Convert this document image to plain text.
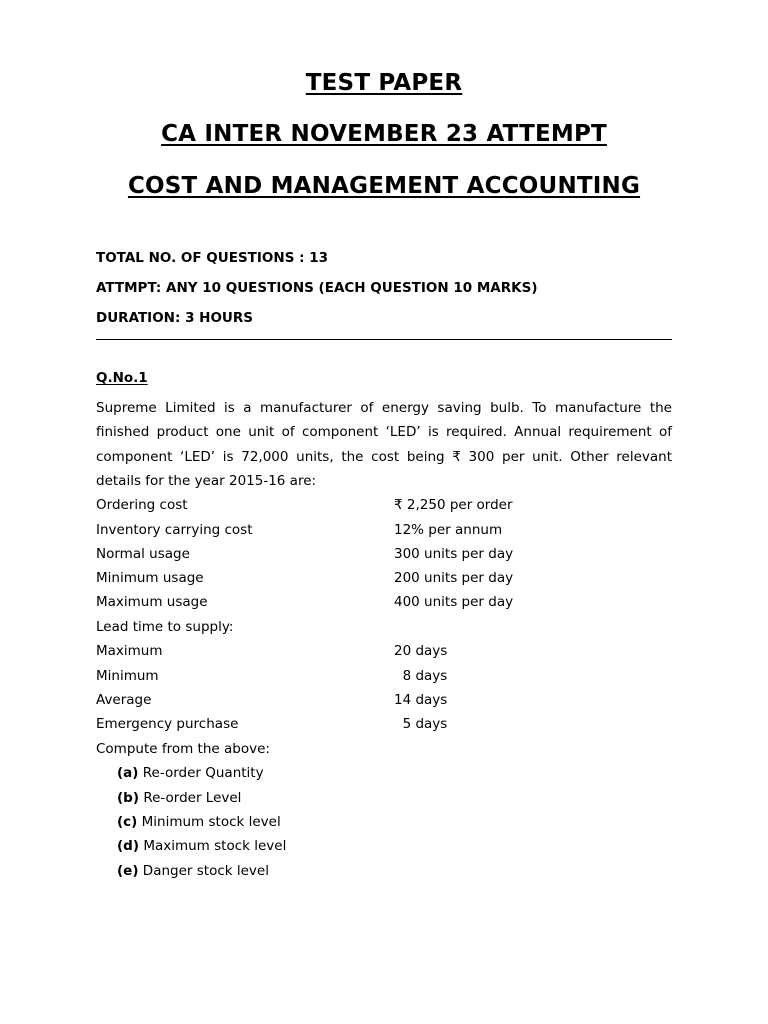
TEST PAPER
CA INTER NOVEMBER 23 ATTEMPT
COST AND MANAGEMENT ACCOUNTING
TOTAL NO. OF QUESTIONS : 13
ATTMPT: ANY 10 QUESTIONS (EACH QUESTION 10 MARKS)
DURATION: 3 HOURS
Q.No.1
Supreme Limited is a manufacturer of energy saving bulb. To manufacture the finished product one unit of component ‘LED’ is required. Annual requirement of component ‘LED’ is 72,000 units, the cost being ₹ 300 per unit. Other relevant details for the year 2015-16 are:
Ordering cost	₹ 2,250 per order
Inventory carrying cost	12% per annum
Normal usage	300 units per day
Minimum usage	200 units per day
Maximum usage	400 units per day
Lead time to supply:
Maximum	20 days
Minimum	8 days
Average	14 days
Emergency purchase	5 days
Compute from the above:
(a) Re-order Quantity
(b) Re-order Level
(c) Minimum stock level
(d) Maximum stock level
(e) Danger stock level
